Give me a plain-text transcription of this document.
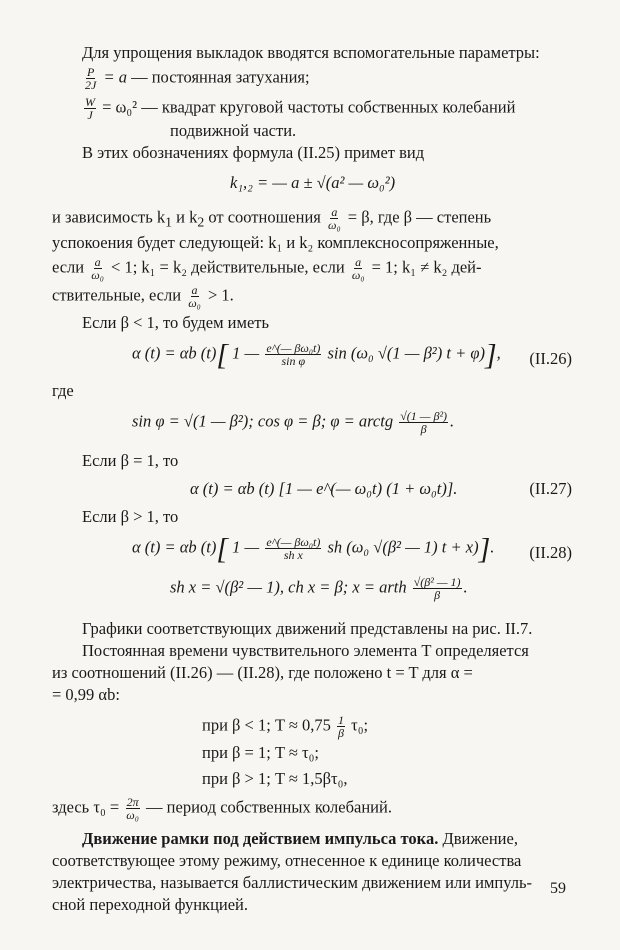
Для упрощения выкладок вводятся вспомогательные параметры:
$\frac{P}{2J} = a$ — постоянная затухания;
$\frac{W}{J} = \omega_0^2$ — квадрат круговой частоты собственных колебаний
подвижной части.
В этих обозначениях формула (II.25) примет вид
k₁,₂ = — a ± √(a² — ω₀²)
и зависимость $k_1$ и $k_2$ от соотношения $\frac{a}{\text{ω₀}} = \beta$, где β — степень
успокоения будет следующей: k₁ и k₂ комплексносопряженные,
если $\frac{a}{\text{ω₀}} < 1$; k₁ = k₂ действительные, если $\frac{a}{\text{ω₀}} = 1$; k₁ ≠ k₂ дей-
ствительные, если $\frac{a}{\text{ω₀}} > 1$.
Если β < 1, то будем иметь
α (t) = αb (t)[ 1 — $\frac{\text{e\textasciicircum{}(— βω₀t)}}{\text{sin φ}}$ sin (ω₀ √(1 — β²) t + φ)], (II.26)
где
sin φ = √(1 — β²); cos φ = β; φ = arctg $\frac{\text{√(1 — β²)}}{\beta}$ .
Если β = 1, то
α (t) = αb (t) [1 — e^(— ω₀t) (1 + ω₀t)].	(II.27)
Если β > 1, то
α (t) = αb (t)[ 1 — $\frac{\text{e\textasciicircum{}(— βω₀t)}}{\text{sh x}}$ sh (ω₀ √(β² — 1) t + x)]. (II.28)
sh x = √(β² — 1), ch x = β; x = arth $\frac{\text{√(β² — 1)}}{\beta}$ .
Графики соответствующих движений представлены на рис. II.7.
Постоянная времени чувствительного элемента T определяется
из соотношений (II.26) — (II.28), где положено t = T для α =
= 0,99 αb:
при β < 1; $T \approx 0,75 \frac{1}{\beta} \tau_0$;
при β = 1; T ≈ τ₀;
при β > 1; T ≈ 1,5βτ₀,
здесь $\tau_0 = \frac{2\pi}{\text{ω₀}}$ — период собственных колебаний.
Движение рамки под действием импульса тока. Движение,
соответствующее этому режиму, отнесенное к единице количества
электричества, называется баллистическим движением или импуль-
сной переходной функцией.
59
